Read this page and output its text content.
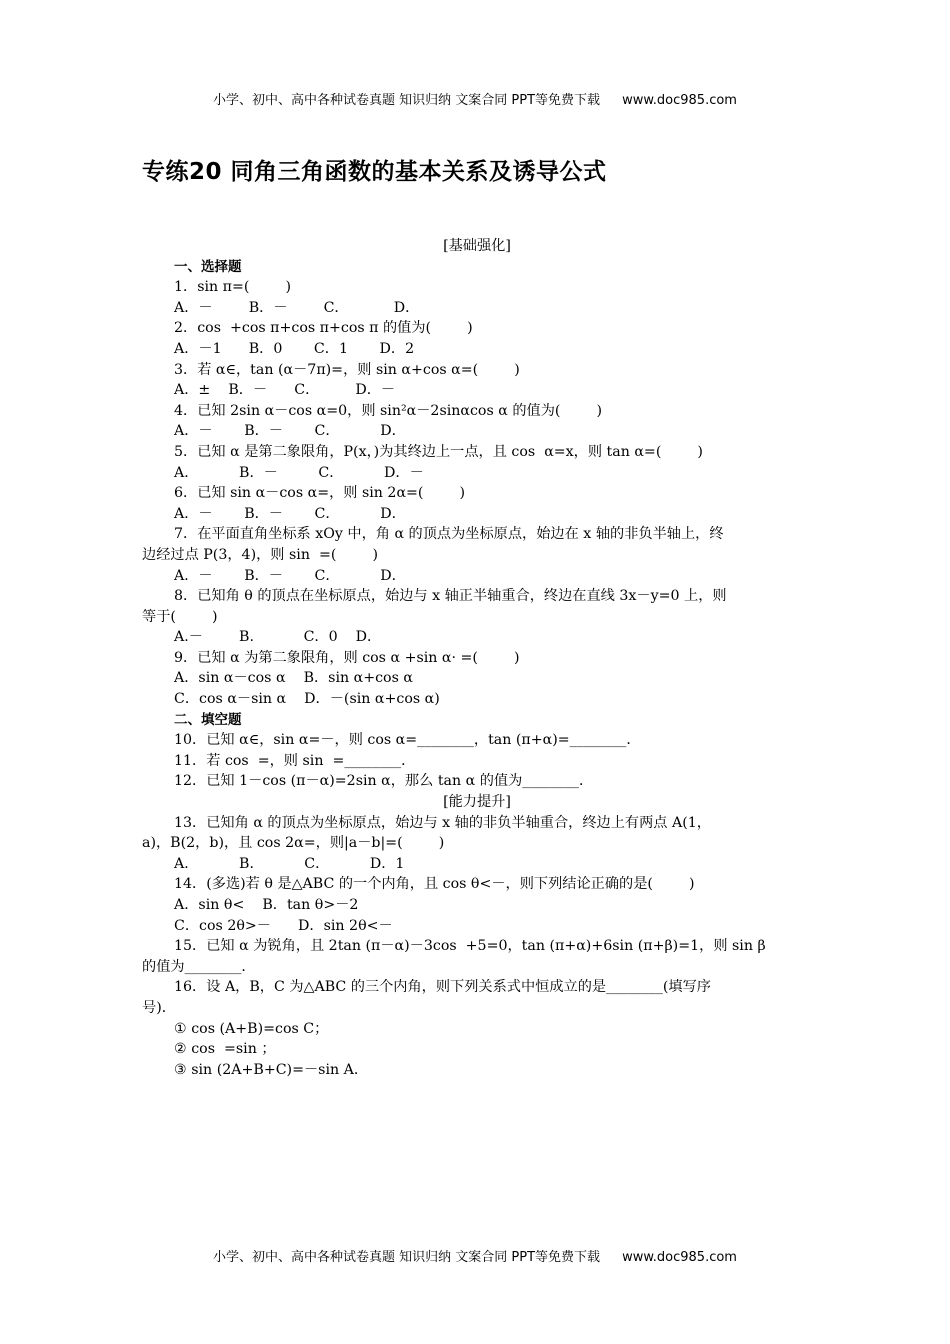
小学、初中、高中各种试卷真题 知识归纳 文案合同 PPT等免费下载 www.doc985.com
专练20 同角三角函数的基本关系及诱导公式
[基础强化]
一、选择题
1．sin π=(        )
A．－        B．－        C．          D．
2．cos  +cos π+cos π+cos π 的值为(        )
A．－1      B．0       C．1       D．2
3．若 α∈，tan (α－7π)=，则 sin α+cos α=(        )
A．±    B．－      C．        D．－
4．已知 2sin α－cos α=0，则 sin²α－2sinαcos α 的值为(        )
A．－       B．－       C．         D．
5．已知 α 是第二象限角，P(x，)为其终边上一点，且 cos  α=x，则 tan α=(        )
A．         B．－         C．         D．－
6．已知 sin α－cos α=，则 sin 2α=(        )
A．－       B．－       C．         D．
7．在平面直角坐标系 xOy 中，角 α 的顶点为坐标原点，始边在 x 轴的非负半轴上，终
边经过点 P(3，4)，则 sin  =(        )
A．－       B．－       C．         D．
8．已知角 θ 的顶点在坐标原点，始边与 x 轴正半轴重合，终边在直线 3x－y=0 上，则
等于(        )
A.－        B.           C．0    D．
9．已知 α 为第二象限角，则 cos α +sin α· =(        )
A．sin α－cos α    B．sin α+cos α
C．cos α－sin α    D．－(sin α+cos α)
二、填空题
10．已知 α∈，sin α=－，则 cos α=________，tan (π+α)=________．
11．若 cos  =，则 sin  =________．
12．已知 1－cos (π－α)=2sin α，那么 tan α 的值为________．
[能力提升]
13．已知角 α 的顶点为坐标原点，始边与 x 轴的非负半轴重合，终边上有两点 A(1，
a)，B(2，b)，且 cos 2α=，则|a－b|=(        )
A．         B．         C．         D．1
14．(多选)若 θ 是△ABC 的一个内角，且 cos θ<－，则下列结论正确的是(        )
A．sin θ<    B．tan θ>－2
C．cos 2θ>－      D．sin 2θ<－
15．已知 α 为锐角，且 2tan (π－α)－3cos  +5=0，tan (π+α)+6sin (π+β)=1，则 sin β
的值为________．
16．设 A，B，C 为△ABC 的三个内角，则下列关系式中恒成立的是________(填写序
号)．
① cos (A+B)=cos C；
② cos  =sin ；
③ sin (2A+B+C)=－sin A．
小学、初中、高中各种试卷真题 知识归纳 文案合同 PPT等免费下载 www.doc985.com
